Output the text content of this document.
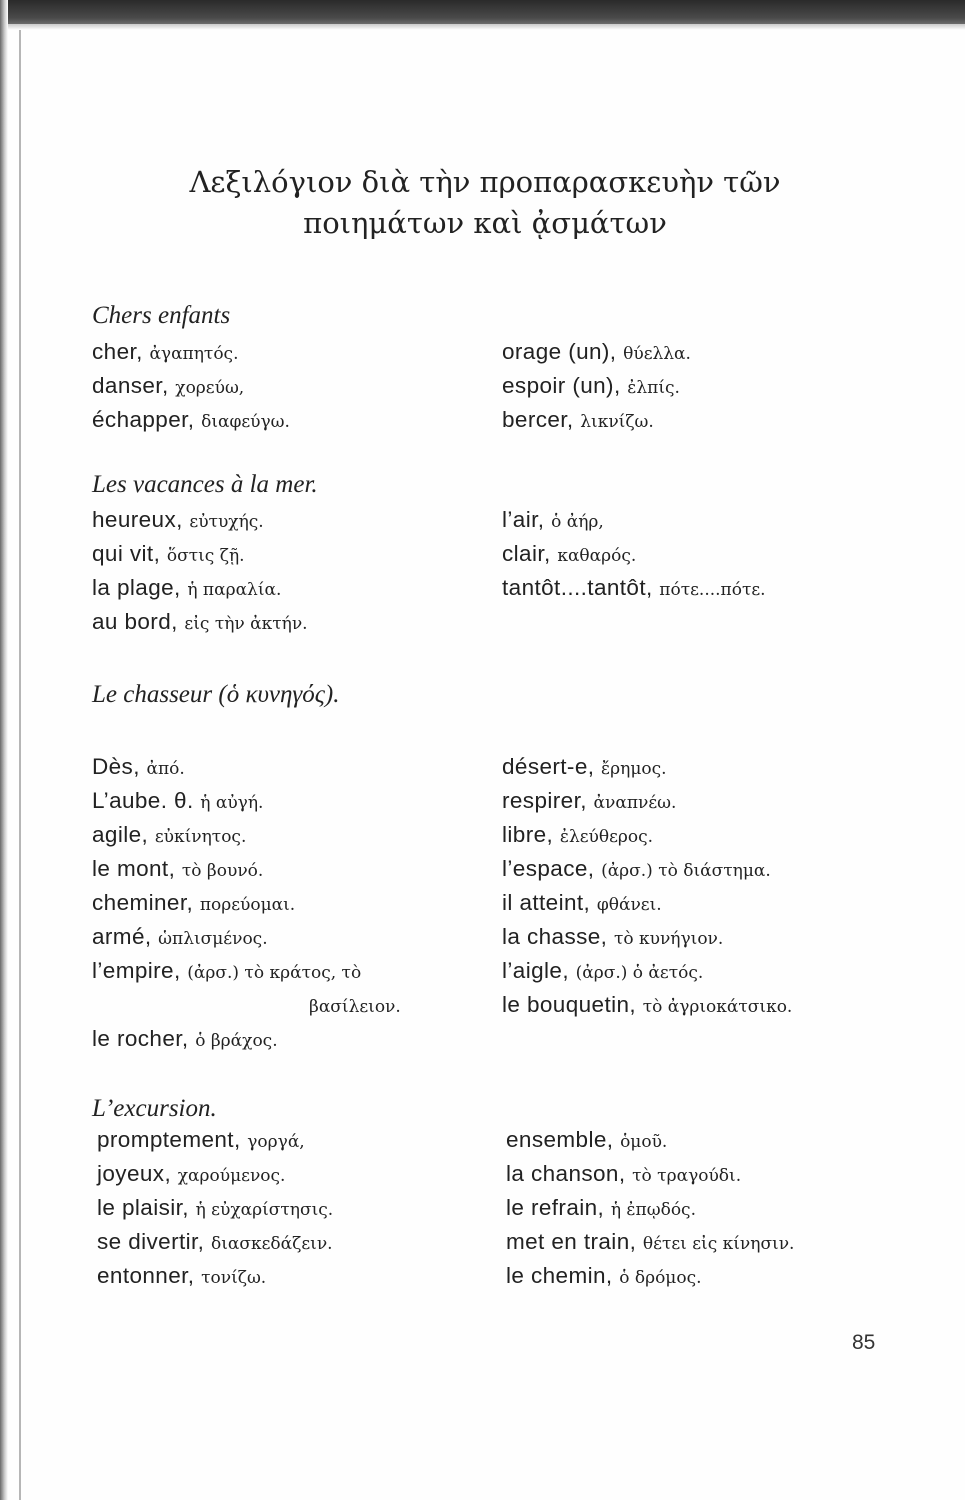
Λεξιλόγιον διὰ τὴν προπαρασκευὴν τῶν
ποιημάτων καὶ ᾀσμάτων
Chers enfants
cher, ἀγαπητός.
danser, χορεύω,
échapper, διαφεύγω.
orage (un), θύελλα.
espoir (un), ἐλπίς.
bercer, λικνίζω.
Les vacances à la mer.
heureux, εὐτυχής.
qui vit, ὅστις ζῇ.
la plage, ἡ παραλία.
au bord, εἰς τὴν ἀκτήν.
l’air, ὁ ἀήρ,
clair, καθαρός.
tantôt....tantôt, πότε....πότε.
Le chasseur (ὁ κυνηγός).
Dès, ἀπό.
L’aube. θ. ἡ αὐγή.
agile, εὐκίνητος.
le mont, τὸ βουνό.
cheminer, πορεύομαι.
armé, ὡπλισμένος.
l’empire, (ἀρσ.) τὸ κράτος, τὸ
βασίλειον.
le rocher, ὁ βράχος.
désert-e, ἔρημος.
respirer, ἀναπνέω.
libre, ἐλεύθερος.
l’espace, (ἀρσ.) τὸ διάστημα.
il atteint, φθάνει.
la chasse, τὸ κυνήγιον.
l’aigle, (ἀρσ.) ὁ ἀετός.
le bouquetin, τὸ ἀγριοκάτσικο.
L’excursion.
promptement, γοργά,
joyeux, χαρούμενος.
le plaisir, ἡ εὐχαρίστησις.
se divertir, διασκεδάζειν.
entonner, τονίζω.
ensemble, ὁμοῦ.
la chanson, τὸ τραγούδι.
le refrain, ἡ ἐπῳδός.
met en train, θέτει εἰς κίνησιν.
le chemin, ὁ δρόμος.
85
